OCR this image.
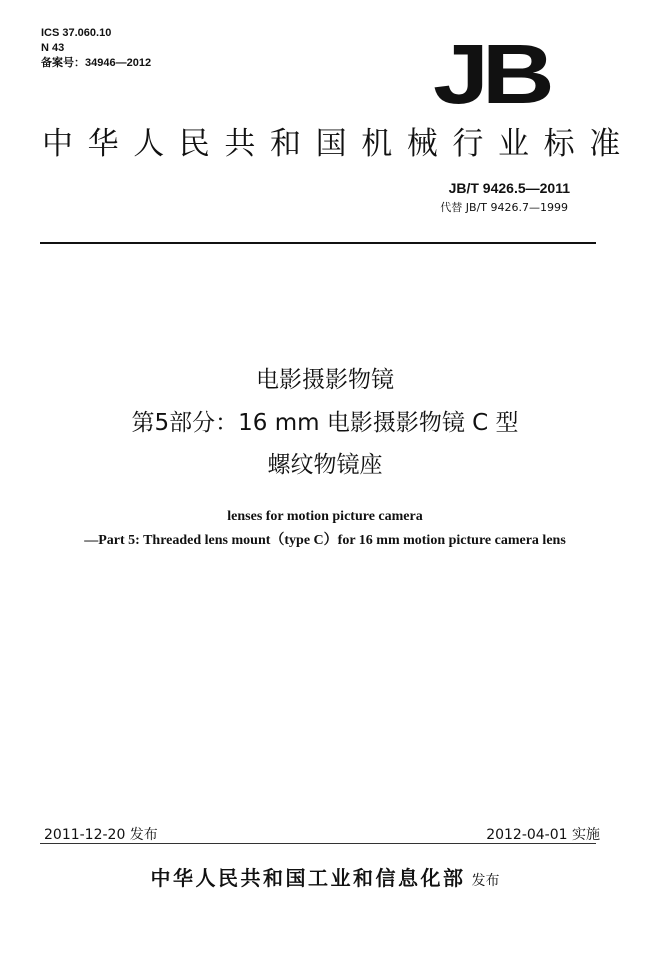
ICS 37.060.10
N 43
备案号：34946—2012	JB
中华人民共和国机械行业标准
JB/T 9426.5—2011
代替 JB/T 9426.7—1999
电影摄影物镜
第5部分：16 mm 电影摄影物镜 C 型
螺纹物镜座
lenses for motion picture camera
—Part 5: Threaded lens mount（type C）for 16 mm motion picture camera lens
2011-12-20 发布	2012-04-01 实施
中华人民共和国工业和信息化部 发布
